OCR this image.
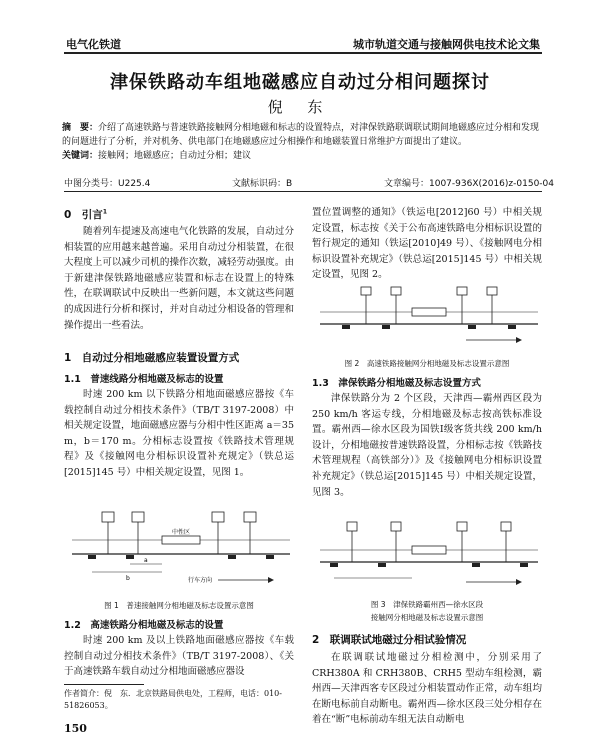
电气化铁道	城市轨道交通与接触网供电技术论文集
津保铁路动车组地磁感应自动过分相问题探讨
倪 东
摘　要：介绍了高速铁路与普速铁路接触网分相地磁和标志的设置特点，对津保铁路联调联试期间地磁感应过分相和发现的问题进行了分析，并对机务、供电部门在地磁感应过分相操作和地磁装置日常维护方面提出了建议。
关键词：接触网；地磁感应；自动过分相；建议
中图分类号：U225.4	文献标识码：B	文章编号：1007-936X(2016)z-0150-04
0　引言$^1$
随着列车提速及高速电气化铁路的发展，自动过分相装置的应用越来越普遍。采用自动过分相装置，在很大程度上可以减少司机的操作次数，减轻劳动强度。由于新建津保铁路地磁感应装置和标志在设置上的特殊性，在联调联试中反映出一些新问题，本文就这些问题的成因进行分析和探讨，并对自动过分相设备的管理和操作提出一些看法。
1　自动过分相地磁感应装置设置方式
1.1　普速线路分相地磁及标志的设置
时速 200 km 以下铁路分相地面磁感应器按《车载控制自动过分相技术条件》（TB/T 3197-2008）中相关规定设置，地面磁感应器与分相中性区距离 a＝35 m，b＝170 m。分相标志设置按《铁路技术管理规程》及《接触网电分相标识设置补充规定》（铁总运[2015]145 号）中相关规定设置，见图 1。
中性区
a
b	行车方向
图 1　普速接触网分相地磁及标志设置示意图
1.2　高速铁路分相地磁及标志的设置
时速 200 km 及以上铁路地面磁感应器按《车载控制自动过分相技术条件》（TB/T 3197-2008）、《关于高速铁路车载自动过分相地面磁感应器设
作者简介：倪　东．北京铁路局供电处，工程师，电话：010-51826053。
150
置位置调整的通知》（铁运电[2012]60 号）中相关规定设置，标志按《关于公布高速铁路电分相标识设置的暂行规定的通知（铁运[2010]49 号）、《接触网电分相标识设置补充规定》（铁总运[2015]145 号）中相关规定设置，见图 2。
图 2　高速铁路接触网分相地磁及标志设置示意图
1.3　津保铁路分相地磁及标志设置方式
津保铁路分为 2 个区段，天津西—霸州西区段为 250 km/h 客运专线，分相地磁及标志按高铁标准设置。霸州西—徐水区段为国铁Ⅰ级客货共线 200 km/h 设计，分相地磁按普速铁路设置，分相标志按《铁路技术管理规程（高铁部分）》及《接触网电分相标识设置补充规定》（铁总运[2015]145 号）中相关规定设置，见图 3。
图 3　津保铁路霸州西—徐水区段
接触网分相地磁及标志设置示意图
2　联调联试地磁过分相试验情况
在联调联试地磁过分相检测中，分别采用了 CRH380A 和 CRH380B、CRH5 型动车组检测，霸州西—天津西客专区段过分相装置动作正常，动车组均在断电标前自动断电。霸州西—徐水区段三处分相存在着在“断”电标前动车组无法自动断电
